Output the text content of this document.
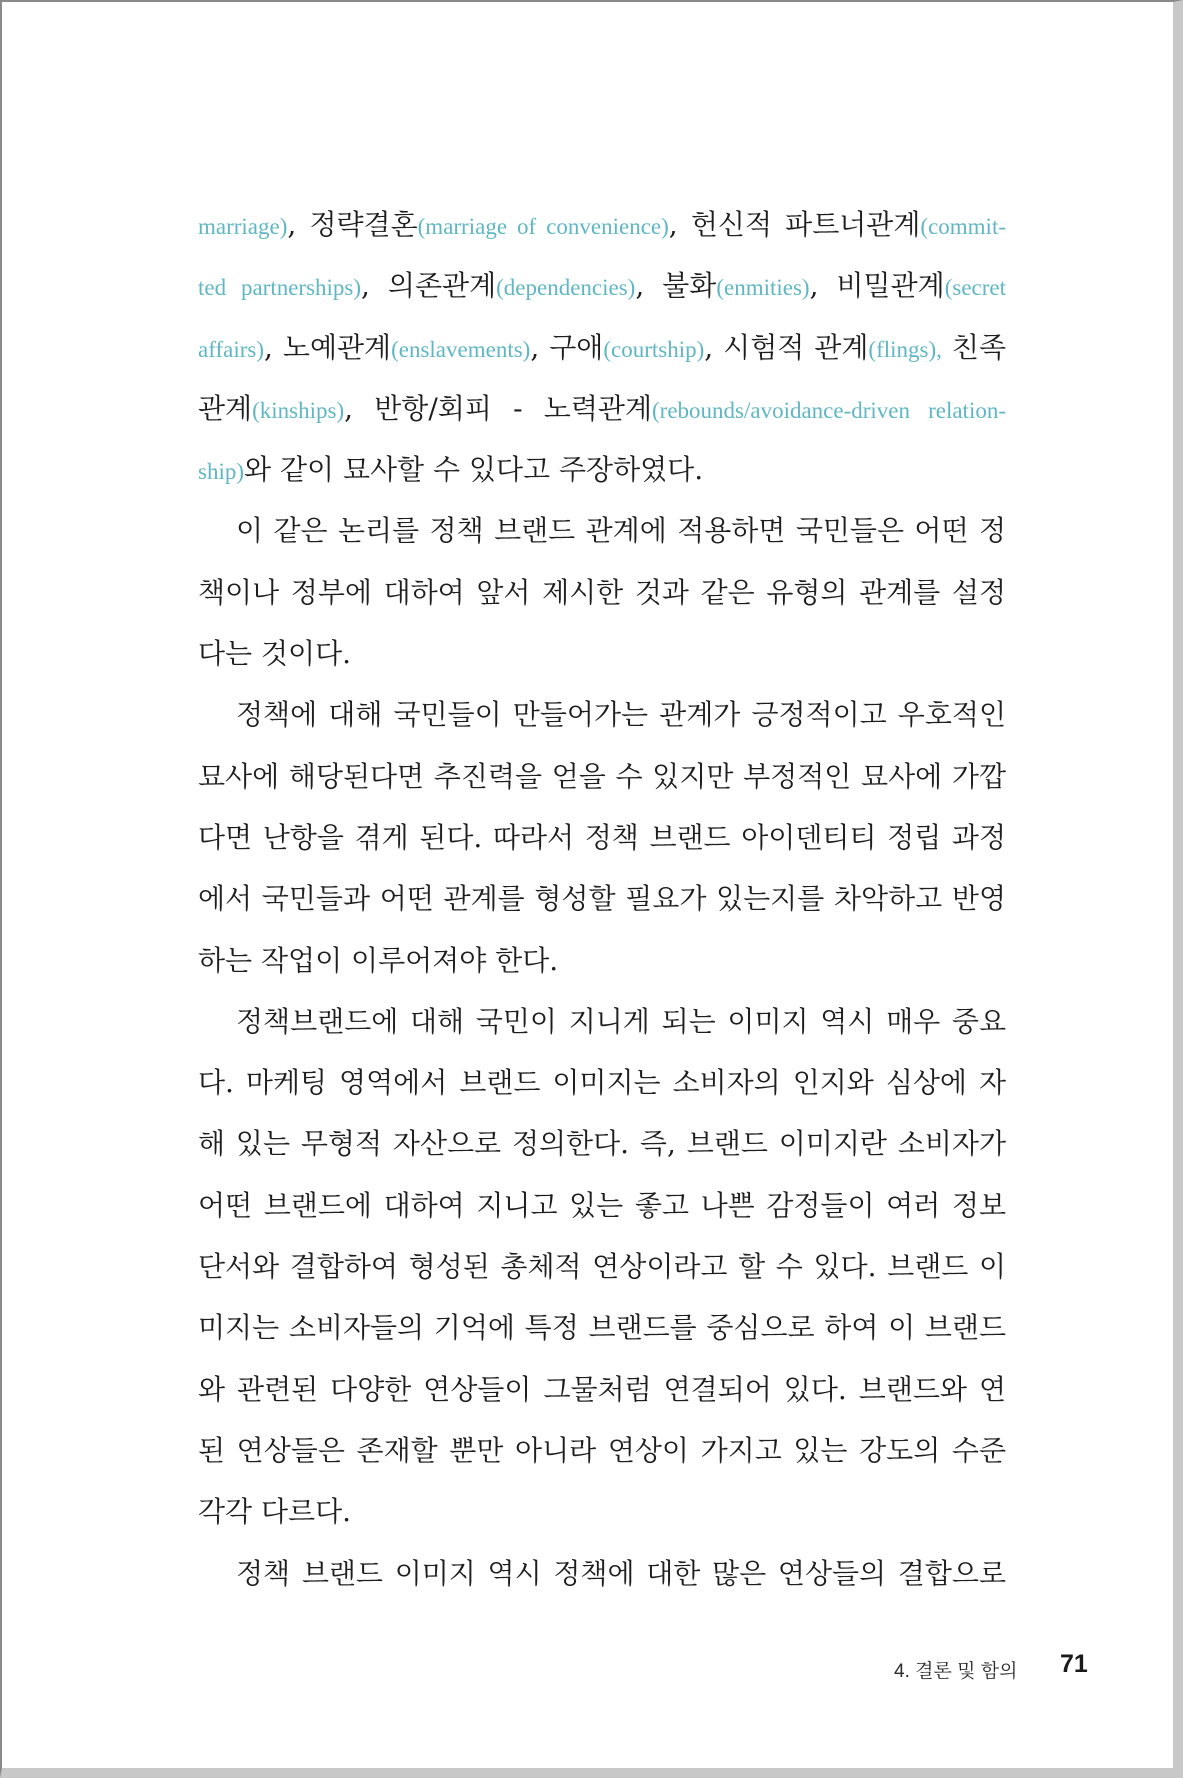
marriage), 정략결혼(marriage of convenience), 헌신적 파트너관계(commit-
ted partnerships), 의존관계(dependencies), 불화(enmities), 비밀관계(secret
affairs), 노예관계(enslavements), 구애(courtship), 시험적 관계(flings), 친족
관계(kinships), 반항/회피 - 노력관계(rebounds/avoidance-driven relation-
ship)와 같이 묘사할 수 있다고 주장하였다.
이 같은 논리를 정책 브랜드 관계에 적용하면 국민들은 어떤 정
책이나 정부에 대하여 앞서 제시한 것과 같은 유형의 관계를 설정
다는 것이다.
정책에 대해 국민들이 만들어가는 관계가 긍정적이고 우호적인
묘사에 해당된다면 추진력을 얻을 수 있지만 부정적인 묘사에 가깝
다면 난항을 겪게 된다. 따라서 정책 브랜드 아이덴티티 정립 과정
에서 국민들과 어떤 관계를 형성할 필요가 있는지를 차악하고 반영
하는 작업이 이루어져야 한다.
정책브랜드에 대해 국민이 지니게 되는 이미지 역시 매우 중요
다. 마케팅 영역에서 브랜드 이미지는 소비자의 인지와 심상에 자
해 있는 무형적 자산으로 정의한다. 즉, 브랜드 이미지란 소비자가
어떤 브랜드에 대하여 지니고 있는 좋고 나쁜 감정들이 여러 정보
단서와 결합하여 형성된 총체적 연상이라고 할 수 있다. 브랜드 이
미지는 소비자들의 기억에 특정 브랜드를 중심으로 하여 이 브랜드
와 관련된 다양한 연상들이 그물처럼 연결되어 있다. 브랜드와 연
된 연상들은 존재할 뿐만 아니라 연상이 가지고 있는 강도의 수준
각각 다르다.
정책 브랜드 이미지 역시 정책에 대한 많은 연상들의 결합으로
4. 결론 및 함의 71
